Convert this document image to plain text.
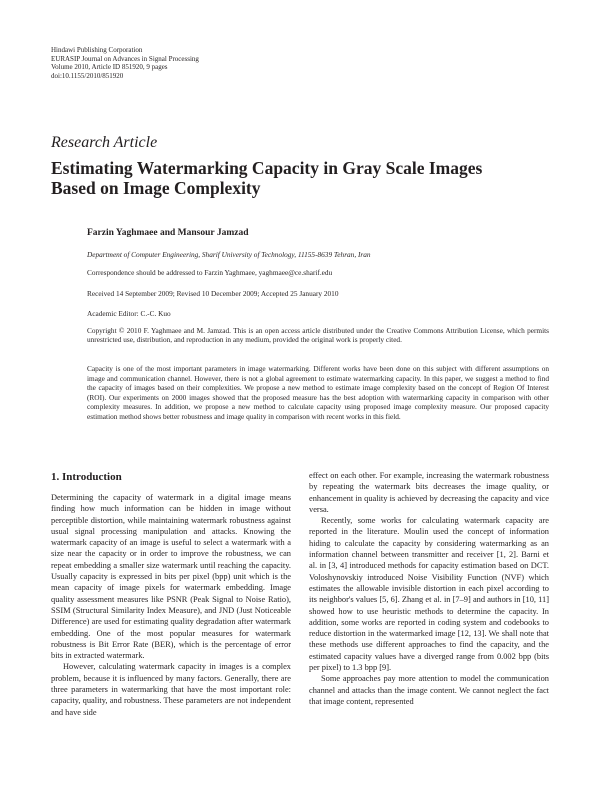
Hindawi Publishing Corporation
EURASIP Journal on Advances in Signal Processing
Volume 2010, Article ID 851920, 9 pages
doi:10.1155/2010/851920
Research Article
Estimating Watermarking Capacity in Gray Scale Images
Based on Image Complexity
Farzin Yaghmaee and Mansour Jamzad
Department of Computer Engineering, Sharif University of Technology, 11155-8639 Tehran, Iran
Correspondence should be addressed to Farzin Yaghmaee, yaghmaee@ce.sharif.edu
Received 14 September 2009; Revised 10 December 2009; Accepted 25 January 2010
Academic Editor: C.-C. Kuo
Copyright © 2010 F. Yaghmaee and M. Jamzad. This is an open access article distributed under the Creative Commons Attribution License, which permits unrestricted use, distribution, and reproduction in any medium, provided the original work is properly cited.
Capacity is one of the most important parameters in image watermarking. Different works have been done on this subject with different assumptions on image and communication channel. However, there is not a global agreement to estimate watermarking capacity. In this paper, we suggest a method to find the capacity of images based on their complexities. We propose a new method to estimate image complexity based on the concept of Region Of Interest (ROI). Our experiments on 2000 images showed that the proposed measure has the best adoption with watermarking capacity in comparison with other complexity measures. In addition, we propose a new method to calculate capacity using proposed image complexity measure. Our proposed capacity estimation method shows better robustness and image quality in comparison with recent works in this field.
1. Introduction

Determining the capacity of watermark in a digital image means finding how much information can be hidden in image without perceptible distortion, while maintaining watermark robustness against usual signal processing manipulation and attacks. Knowing the watermark capacity of an image is useful to select a watermark with a size near the capacity or in order to improve the robustness, we can repeat embedding a smaller size watermark until reaching the capacity. Usually capacity is expressed in bits per pixel (bpp) unit which is the mean capacity of image pixels for watermark embedding. Image quality assessment measures like PSNR (Peak Signal to Noise Ratio), SSIM (Structural Similarity Index Measure), and JND (Just Noticeable Difference) are used for estimating quality degradation after watermark embedding. One of the most popular measures for watermark robustness is Bit Error Rate (BER), which is the percentage of error bits in extracted watermark.

However, calculating watermark capacity in images is a complex problem, because it is influenced by many factors. Generally, there are three parameters in watermarking that have the most important role: capacity, quality, and robustness. These parameters are not independent and have side

effect on each other. For example, increasing the watermark robustness by repeating the watermark bits decreases the image quality, or enhancement in quality is achieved by decreasing the capacity and vice versa.

Recently, some works for calculating watermark capacity are reported in the literature. Moulin used the concept of information hiding to calculate the capacity by considering watermarking as an information channel between transmitter and receiver [1, 2]. Barni et al. in [3, 4] introduced methods for capacity estimation based on DCT. Voloshynovskiy introduced Noise Visibility Function (NVF) which estimates the allowable invisible distortion in each pixel according to its neighbor's values [5, 6]. Zhang et al. in [7–9] and authors in [10, 11] showed how to use heuristic methods to determine the capacity. In addition, some works are reported in coding system and codebooks to reduce distortion in the watermarked image [12, 13]. We shall note that these methods use different approaches to find the capacity, and the estimated capacity values have a diverged range from 0.002 bpp (bits per pixel) to 1.3 bpp [9].

Some approaches pay more attention to model the communication channel and attacks than the image content. We cannot neglect the fact that image content, represented
